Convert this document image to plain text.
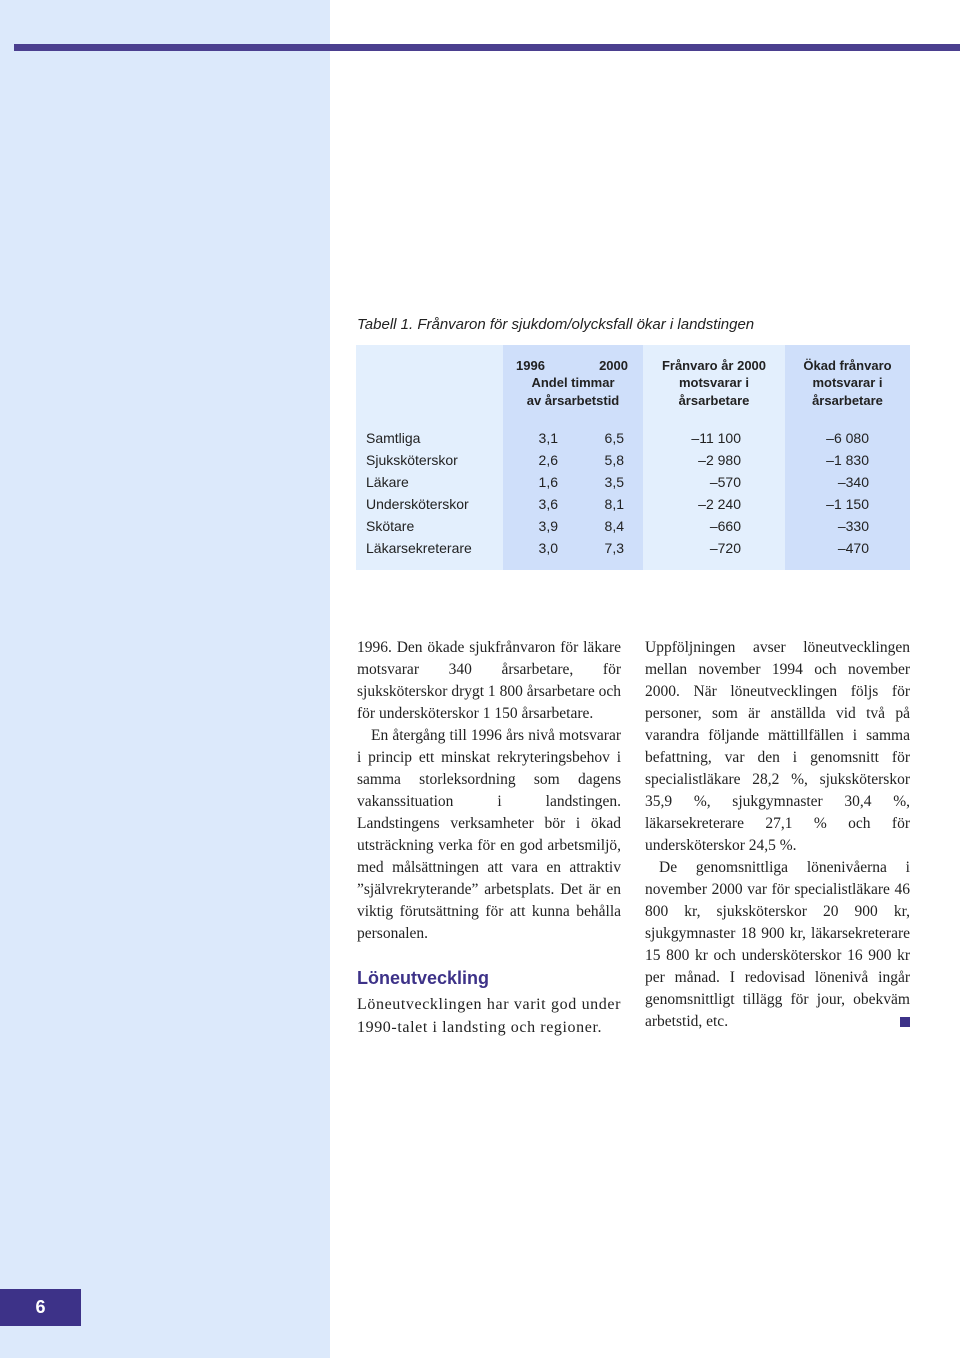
6
Tabell 1. Frånvaron för sjukdom/olycksfall ökar i landstingen
1996	2000
Andel timmar
av årsarbetstid
Frånvaro år 2000
motsvarar i
årsarbetare
Ökad frånvaro
motsvarar i
årsarbetare
Samtliga	3,1	6,5	–11 100	–6 080
Sjuksköterskor	2,6	5,8	–2 980	–1 830
Läkare	1,6	3,5	–570	–340
Undersköterskor	3,6	8,1	–2 240	–1 150
Skötare	3,9	8,4	–660	–330
Läkarsekreterare	3,0	7,3	–720	–470

1996. Den ökade sjukfrånvaron för läkare motsvarar 340 årsarbetare, för sjuksköterskor drygt 1 800 årsarbetare och för undersköterskor 1 150 årsarbetare.

En återgång till 1996 års nivå motsvarar i princip ett minskat rekryteringsbehov i samma storleksordning som dagens vakanssituation i landstingen. Landstingens verksamheter bör i ökad utsträckning verka för en god arbetsmiljö, med målsättningen att vara en attraktiv ”självrekryterande” arbetsplats. Det är en viktig förutsättning för att kunna behålla personalen.

Löneutveckling

Löneutvecklingen har varit god under 1990-talet i landsting och regioner.

Uppföljningen avser löneutvecklingen mellan november 1994 och november 2000. När löneutvecklingen följs för personer, som är anställda vid två på varandra följande mättillfällen i samma befattning, var den i genomsnitt för specialistläkare 28,2 %, sjuksköterskor 35,9 %, sjukgymnaster 30,4 %, läkarsekreterare 27,1 % och för undersköterskor 24,5 %.

De genomsnittliga lönenivåerna i november 2000 var för specialistläkare 46 800 kr, sjuksköterskor 20 900 kr, sjukgymnaster 18 900 kr, läkarsekreterare 15 800 kr och undersköterskor 16 900 kr per månad. I redovisad lönenivå ingår genomsnittligt tillägg för jour, obekväm arbetstid, etc.
